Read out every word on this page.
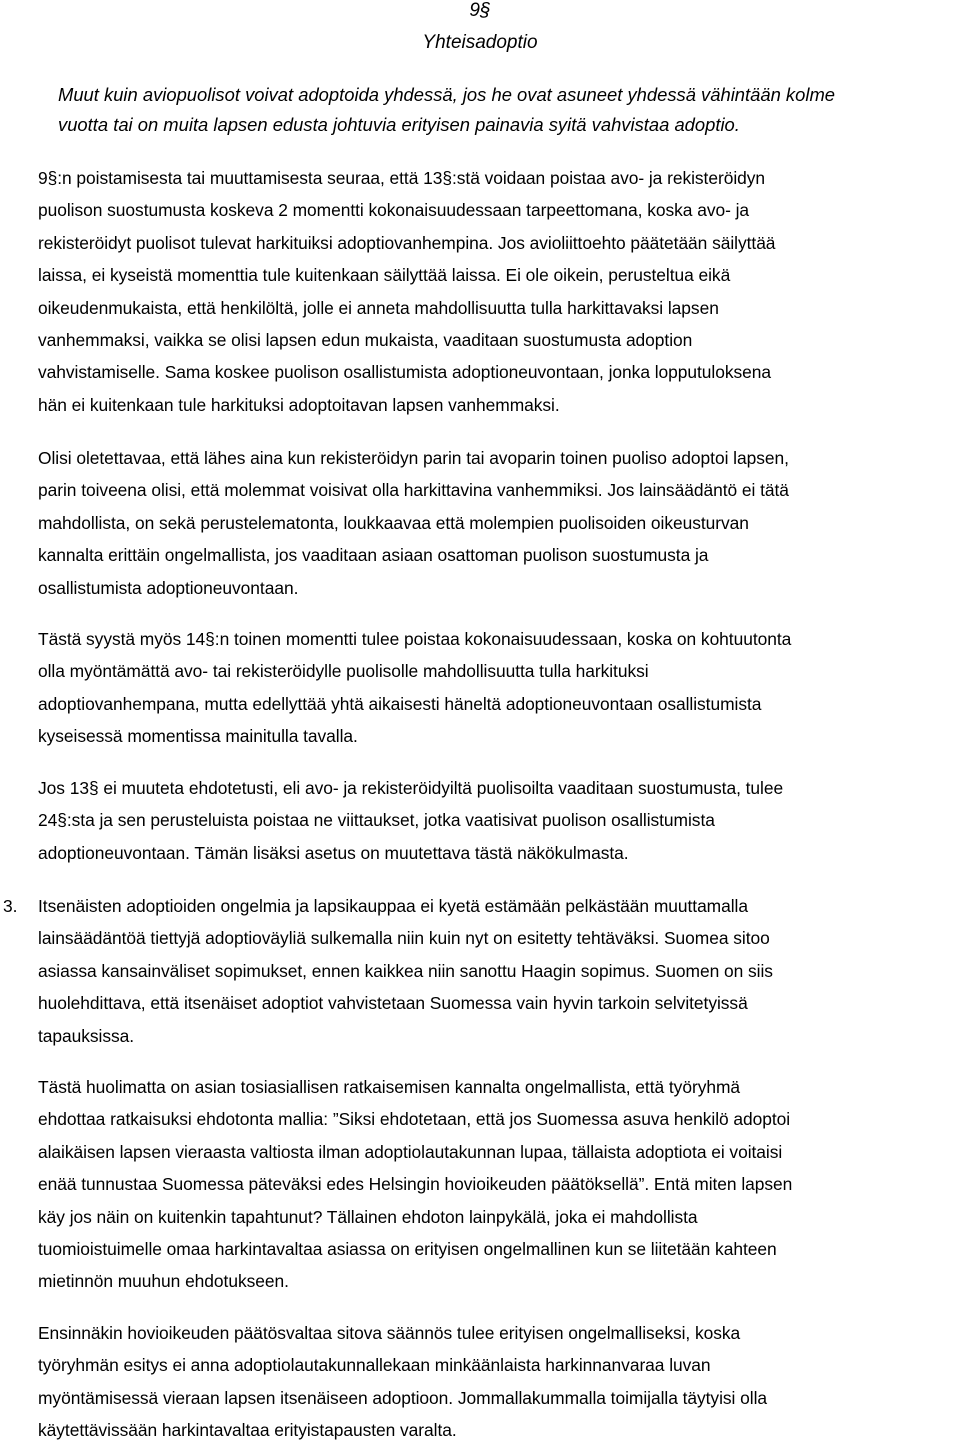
9§

Yhteisadoptio

Muut kuin aviopuolisot voivat adoptoida yhdessä, jos he ovat asuneet yhdessä vähintään kolme
vuotta tai on muita lapsen edusta johtuvia erityisen painavia syitä vahvistaa adoptio.

9§:n poistamisesta tai muuttamisesta seuraa, että 13§:stä voidaan poistaa avo- ja rekisteröidyn
puolison suostumusta koskeva 2 momentti kokonaisuudessaan tarpeettomana, koska avo- ja
rekisteröidyt puolisot tulevat harkituiksi adoptiovanhempina. Jos avioliittoehto päätetään säilyttää
laissa, ei kyseistä momenttia tule kuitenkaan säilyttää laissa. Ei ole oikein, perusteltua eikä
oikeudenmukaista, että henkilöltä, jolle ei anneta mahdollisuutta tulla harkittavaksi lapsen
vanhemmaksi, vaikka se olisi lapsen edun mukaista, vaaditaan suostumusta adoption
vahvistamiselle. Sama koskee puolison osallistumista adoptioneuvontaan, jonka lopputuloksena
hän ei kuitenkaan tule harkituksi adoptoitavan lapsen vanhemmaksi.

Olisi oletettavaa, että lähes aina kun rekisteröidyn parin tai avoparin toinen puoliso adoptoi lapsen,
parin toiveena olisi, että molemmat voisivat olla harkittavina vanhemmiksi. Jos lainsäädäntö ei tätä
mahdollista, on sekä perustelematonta, loukkaavaa että molempien puolisoiden oikeusturvan
kannalta erittäin ongelmallista, jos vaaditaan asiaan osattoman puolison suostumusta ja
osallistumista adoptioneuvontaan.

Tästä syystä myös 14§:n toinen momentti tulee poistaa kokonaisuudessaan, koska on kohtuutonta
olla myöntämättä avo- tai rekisteröidylle puolisolle mahdollisuutta tulla harkituksi
adoptiovanhempana, mutta edellyttää yhtä aikaisesti häneltä adoptioneuvontaan osallistumista
kyseisessä momentissa mainitulla tavalla.

Jos 13§ ei muuteta ehdotetusti, eli avo- ja rekisteröidyiltä puolisoilta vaaditaan suostumusta, tulee
24§:sta ja sen perusteluista poistaa ne viittaukset, jotka vaatisivat puolison osallistumista
adoptioneuvontaan. Tämän lisäksi asetus on muutettava tästä näkökulmasta.

3. Itsenäisten adoptioiden ongelmia ja lapsikauppaa ei kyetä estämään pelkästään muuttamalla
lainsäädäntöä tiettyjä adoptioväyliä sulkemalla niin kuin nyt on esitetty tehtäväksi. Suomea sitoo
asiassa kansainväliset sopimukset, ennen kaikkea niin sanottu Haagin sopimus. Suomen on siis
huolehdittava, että itsenäiset adoptiot vahvistetaan Suomessa vain hyvin tarkoin selvitetyissä
tapauksissa.

Tästä huolimatta on asian tosiasiallisen ratkaisemisen kannalta ongelmallista, että työryhmä
ehdottaa ratkaisuksi ehdotonta mallia: ”Siksi ehdotetaan, että jos Suomessa asuva henkilö adoptoi
alaikäisen lapsen vieraasta valtiosta ilman adoptiolautakunnan lupaa, tällaista adoptiota ei voitaisi
enää tunnustaa Suomessa päteväksi edes Helsingin hovioikeuden päätöksellä”. Entä miten lapsen
käy jos näin on kuitenkin tapahtunut? Tällainen ehdoton lainpykälä, joka ei mahdollista
tuomioistuimelle omaa harkintavaltaa asiassa on erityisen ongelmallinen kun se liitetään kahteen
mietinnön muuhun ehdotukseen.

Ensinnäkin hovioikeuden päätösvaltaa sitova säännös tulee erityisen ongelmalliseksi, koska
työryhmän esitys ei anna adoptiolautakunnallekaan minkäänlaista harkinnanvaraa luvan
myöntämisessä vieraan lapsen itsenäiseen adoptioon. Jommallakummalla toimijalla täytyisi olla
käytettävissään harkintavaltaa erityistapausten varalta.
